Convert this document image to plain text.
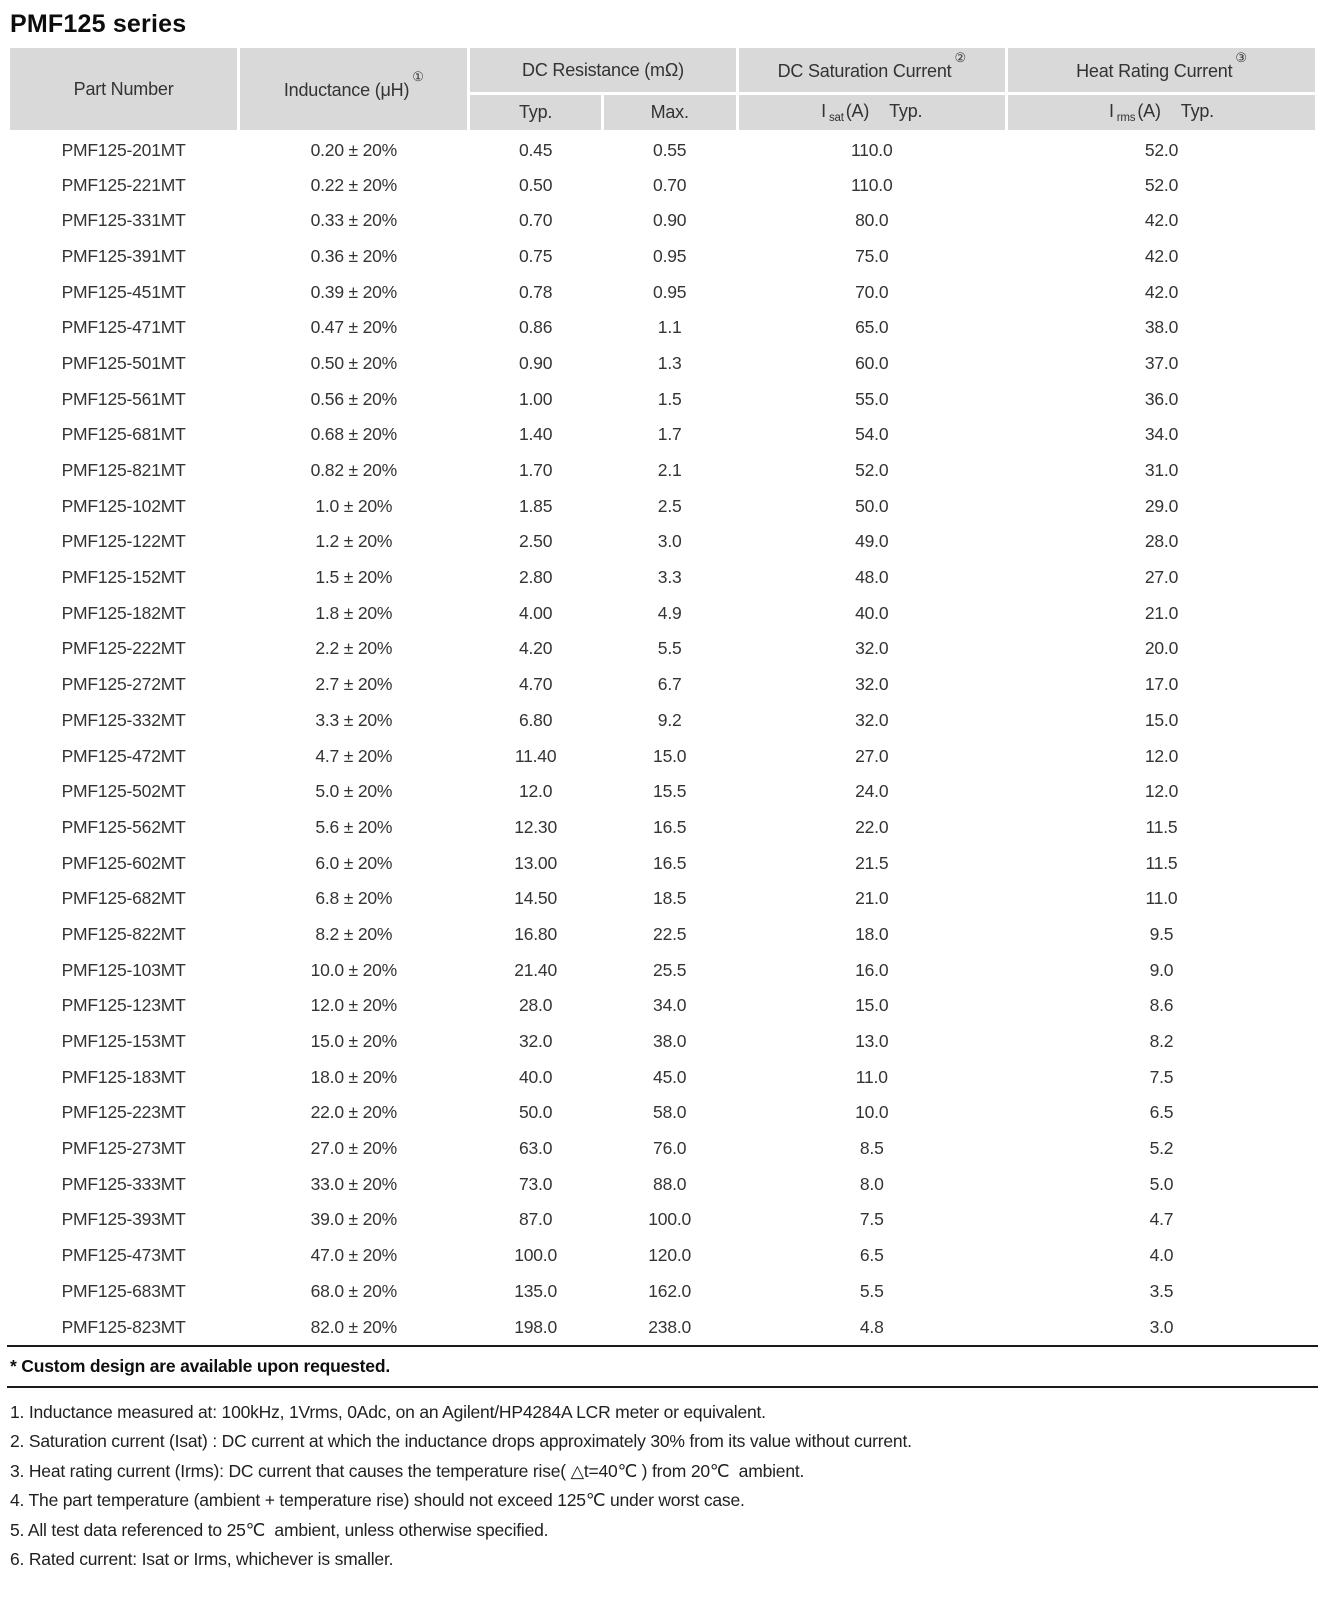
PMF125 series
Part Number	Inductance (μH)①	DC Resistance (mΩ)		DC Saturation Current②	Heat Rating Current③
		Typ.	Max.	I $_{sat}$ (A) Typ.	I $_{rms}$ (A) Typ.
PMF125-201MT	0.20 ± 20%	0.45	0.55	110.0	52.0
PMF125-221MT	0.22 ± 20%	0.50	0.70	110.0	52.0
PMF125-331MT	0.33 ± 20%	0.70	0.90	80.0	42.0
PMF125-391MT	0.36 ± 20%	0.75	0.95	75.0	42.0
PMF125-451MT	0.39 ± 20%	0.78	0.95	70.0	42.0
PMF125-471MT	0.47 ± 20%	0.86	1.1	65.0	38.0
PMF125-501MT	0.50 ± 20%	0.90	1.3	60.0	37.0
PMF125-561MT	0.56 ± 20%	1.00	1.5	55.0	36.0
PMF125-681MT	0.68 ± 20%	1.40	1.7	54.0	34.0
PMF125-821MT	0.82 ± 20%	1.70	2.1	52.0	31.0
PMF125-102MT	1.0 ± 20%	1.85	2.5	50.0	29.0
PMF125-122MT	1.2 ± 20%	2.50	3.0	49.0	28.0
PMF125-152MT	1.5 ± 20%	2.80	3.3	48.0	27.0
PMF125-182MT	1.8 ± 20%	4.00	4.9	40.0	21.0
PMF125-222MT	2.2 ± 20%	4.20	5.5	32.0	20.0
PMF125-272MT	2.7 ± 20%	4.70	6.7	32.0	17.0
PMF125-332MT	3.3 ± 20%	6.80	9.2	32.0	15.0
PMF125-472MT	4.7 ± 20%	11.40	15.0	27.0	12.0
PMF125-502MT	5.0 ± 20%	12.0	15.5	24.0	12.0
PMF125-562MT	5.6 ± 20%	12.30	16.5	22.0	11.5
PMF125-602MT	6.0 ± 20%	13.00	16.5	21.5	11.5
PMF125-682MT	6.8 ± 20%	14.50	18.5	21.0	11.0
PMF125-822MT	8.2 ± 20%	16.80	22.5	18.0	9.5
PMF125-103MT	10.0 ± 20%	21.40	25.5	16.0	9.0
PMF125-123MT	12.0 ± 20%	28.0	34.0	15.0	8.6
PMF125-153MT	15.0 ± 20%	32.0	38.0	13.0	8.2
PMF125-183MT	18.0 ± 20%	40.0	45.0	11.0	7.5
PMF125-223MT	22.0 ± 20%	50.0	58.0	10.0	6.5
PMF125-273MT	27.0 ± 20%	63.0	76.0	8.5	5.2
PMF125-333MT	33.0 ± 20%	73.0	88.0	8.0	5.0
PMF125-393MT	39.0 ± 20%	87.0	100.0	7.5	4.7
PMF125-473MT	47.0 ± 20%	100.0	120.0	6.5	4.0
PMF125-683MT	68.0 ± 20%	135.0	162.0	5.5	3.5
PMF125-823MT	82.0 ± 20%	198.0	238.0	4.8	3.0
* Custom design are available upon requested.
1. Inductance measured at: 100kHz, 1Vrms, 0Adc, on an Agilent/HP4284A LCR meter or equivalent.
2. Saturation current (Isat) : DC current at which the inductance drops approximately 30% from its value without current.
3. Heat rating current (Irms): DC current that causes the temperature rise( △t=40℃ ) from 20℃  ambient.
4. The part temperature (ambient + temperature rise) should not exceed 125℃ under worst case.
5. All test data referenced to 25℃  ambient, unless otherwise specified.
6. Rated current: Isat or Irms, whichever is smaller.
